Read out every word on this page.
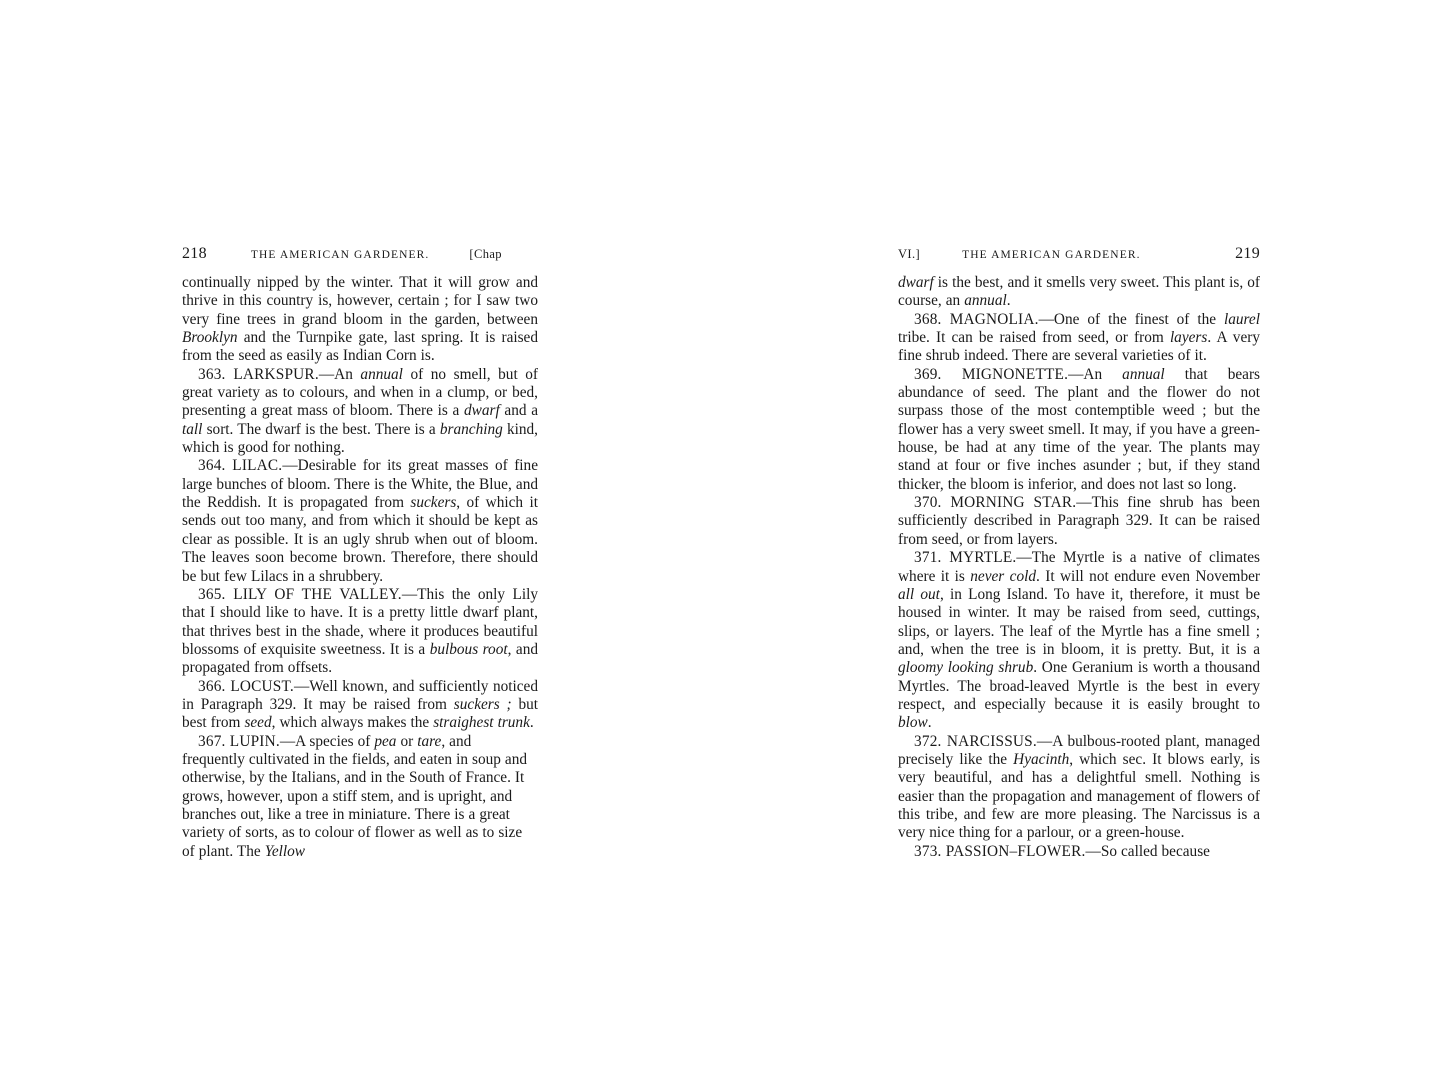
218	THE AMERICAN GARDENER.	[Chap

continually nipped by the winter. That it will grow and thrive in this country is, however, certain ; for I saw two very fine trees in grand bloom in the garden, between Brooklyn and the Turnpike gate, last spring. It is raised from the seed as easily as Indian Corn is.

363. LARKSPUR.—An annual of no smell, but of great variety as to colours, and when in a clump, or bed, presenting a great mass of bloom. There is a dwarf and a tall sort. The dwarf is the best. There is a branching kind, which is good for nothing.

364. LILAC.—Desirable for its great masses of fine large bunches of bloom. There is the White, the Blue, and the Reddish. It is propagated from suckers, of which it sends out too many, and from which it should be kept as clear as possible. It is an ugly shrub when out of bloom. The leaves soon become brown. Therefore, there should be but few Lilacs in a shrubbery.

365. LILY OF THE VALLEY.—This the only Lily that I should like to have. It is a pretty little dwarf plant, that thrives best in the shade, where it produces beautiful blossoms of exquisite sweetness. It is a bulbous root, and propagated from offsets.

366. LOCUST.—Well known, and sufficiently noticed in Paragraph 329. It may be raised from suckers ; but best from seed, which always makes the straighest trunk.

367. LUPIN.—A species of pea or tare, and frequently cultivated in the fields, and eaten in soup and otherwise, by the Italians, and in the South of France. It grows, however, upon a stiff stem, and is upright, and branches out, like a tree in miniature. There is a great variety of sorts, as to colour of flower as well as to size of plant. The Yellow

VI.]	THE AMERICAN GARDENER.	219

dwarf is the best, and it smells very sweet. This plant is, of course, an annual.

368. MAGNOLIA.—One of the finest of the laurel tribe. It can be raised from seed, or from layers. A very fine shrub indeed. There are several varieties of it.

369. MIGNONETTE.—An annual that bears abundance of seed. The plant and the flower do not surpass those of the most contemptible weed ; but the flower has a very sweet smell. It may, if you have a green-house, be had at any time of the year. The plants may stand at four or five inches asunder ; but, if they stand thicker, the bloom is inferior, and does not last so long.

370. MORNING STAR.—This fine shrub has been sufficiently described in Paragraph 329. It can be raised from seed, or from layers.

371. MYRTLE.—The Myrtle is a native of climates where it is never cold. It will not endure even November all out, in Long Island. To have it, therefore, it must be housed in winter. It may be raised from seed, cuttings, slips, or layers. The leaf of the Myrtle has a fine smell ; and, when the tree is in bloom, it is pretty. But, it is a gloomy looking shrub. One Geranium is worth a thousand Myrtles. The broad-leaved Myrtle is the best in every respect, and especially because it is easily brought to blow.

372. NARCISSUS.—A bulbous-rooted plant, managed precisely like the Hyacinth, which sec. It blows early, is very beautiful, and has a delightful smell. Nothing is easier than the propagation and management of flowers of this tribe, and few are more pleasing. The Narcissus is a very nice thing for a parlour, or a green-house.

373. PASSION–FLOWER.—So called because
